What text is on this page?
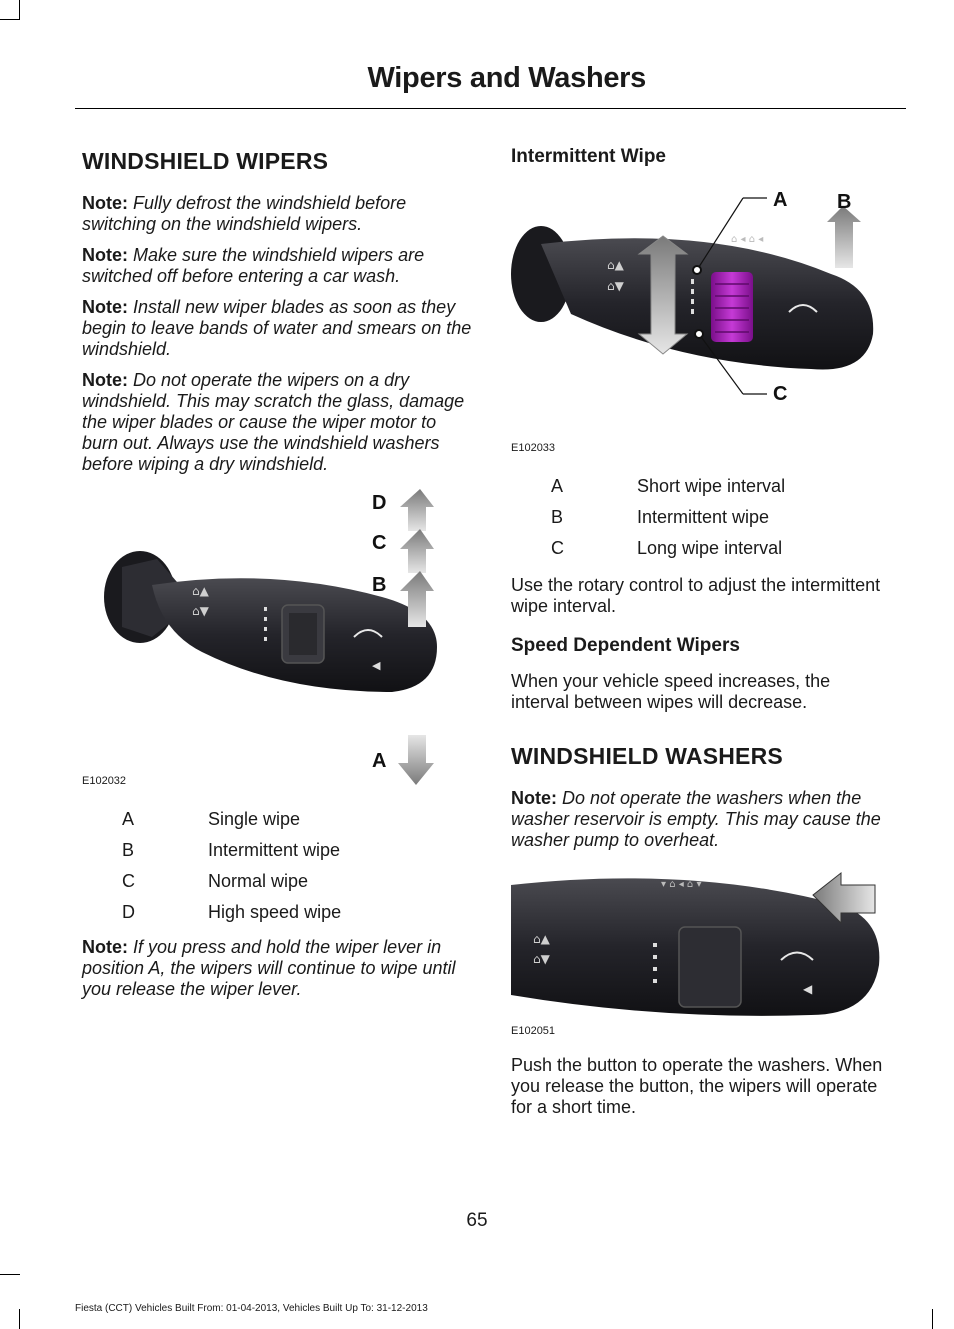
Wipers and Washers
WINDSHIELD WIPERS

Note: Fully defrost the windshield before switching on the windshield wipers.

Note: Make sure the windshield wipers are switched off before entering a car wash.

Note: Install new wiper blades as soon as they begin to leave bands of water and smears on the windshield.

Note: Do not operate the wipers on a dry windshield. This may scratch the glass, damage the wiper blades or cause the wiper motor to burn out. Always use the windshield washers before wiping a dry windshield.

⌂▲
⌂▼
◀
D
C
B
A
E102032
A	Single wipe
B	Intermittent wipe
C	Normal wipe
D	High speed wipe

Note: If you press and hold the wiper lever in position A, the wipers will continue to wipe until you release the wiper lever.

Intermittent Wipe
⌂▲
⌂▼
⌂ ◂ ⌂ ◂
A B
C
E102033
A	Short wipe interval
B	Intermittent wipe
C	Long wipe interval

Use the rotary control to adjust the intermittent wipe interval.

Speed Dependent Wipers

When your vehicle speed increases, the interval between wipes will decrease.

WINDSHIELD WASHERS

Note: Do not operate the washers when the washer reservoir is empty. This may cause the washer pump to overheat.

▾ ⌂ ◂ ⌂ ▾
⌂▲
⌂▼
◀
E102051

Push the button to operate the washers. When you release the button, the wipers will operate for a short time.

65
Fiesta (CCT) Vehicles Built From: 01-04-2013, Vehicles Built Up To: 31-12-2013
